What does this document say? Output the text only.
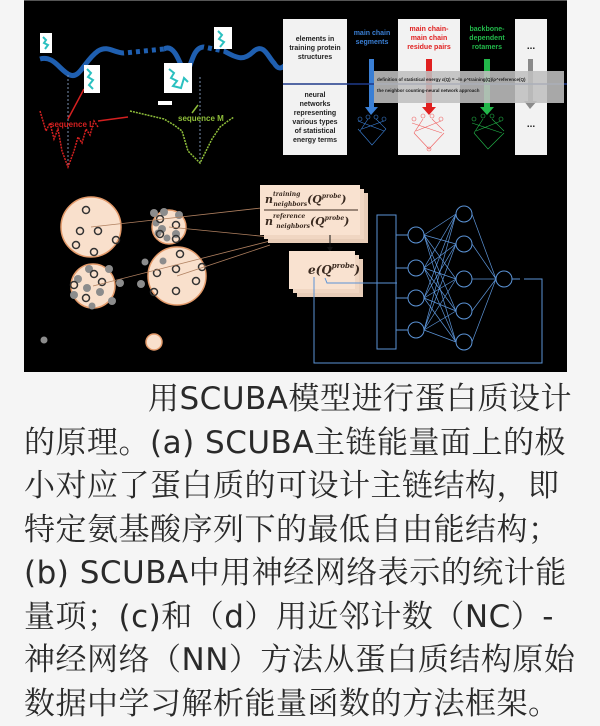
sequence L
sequence M
elements in
training protein
structures
neural
networks
representing
various types
of statistical
energy terms
main chain
segments
main chain-
main chain
residue pairs
backbone-
dependent
rotamers ...
...
definition of statistical energy ε(Q) = −ln ρ^training(Q)/ρ^reference(Q)
the neighbor counting-neural network approach
$n^{training}$ $neighbors(Q^{probe})$
$n^{reference}$ $neighbors(Q^{probe})$
$e(Q^{probe})$

用SCUBA模型进行蛋白质设计的原理。(a) SCUBA主链能量面上的极小对应了蛋白质的可设计主链结构，即特定氨基酸序列下的最低自由能结构；(b) SCUBA中用神经网络表示的统计能量项；(c)和（d）用近邻计数（NC）-神经网络（NN）方法从蛋白质结构原始数据中学习解析能量函数的方法框架。
